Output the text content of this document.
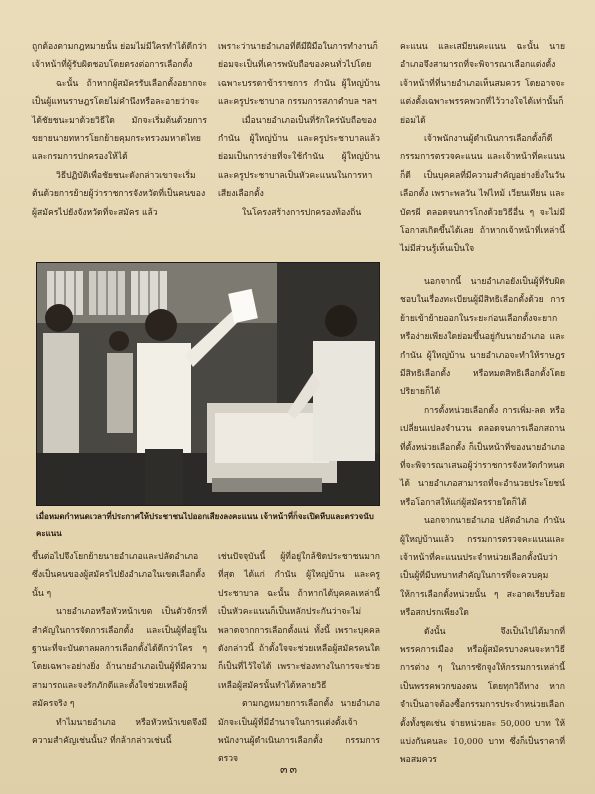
ถูกต้องตามกฎหมายนั้น ย่อมไม่มีใครทำได้ดีกว่าเจ้าหน้าที่ผู้รับผิดชอบโดยตรงต่อการเลือกตั้ง

ฉะนั้น ถ้าหากผู้สมัครรับเลือกตั้งอยากจะเป็นผู้แทนราษฎรโดยไม่คำนึงหรือละอายว่าจะได้ชัยชนะมาด้วยวิธีใด มักจะเริ่มต้นด้วยการขยายนายทหารโยกย้ายคุมกระทรวงมหาดไทยและกรมการปกครองให้ได้

วิธีปฏิบัติเพื่อชัยชนะดังกล่าวเขาจะเริ่มต้นด้วยการย้ายผู้ว่าราชการจังหวัดที่เป็นคนของผู้สมัครไปยังจังหวัดที่จะสมัคร แล้ว

เพราะว่านายอำเภอที่ดีมีฝีมือในการทำงานก็ย่อมจะเป็นที่เคารพนับถือของคนทั่วไปโดยเฉพาะบรรดาข้าราชการ กำนัน ผู้ใหญ่บ้าน และครูประชาบาล กรรมการสภาตำบล ฯลฯ

เมื่อนายอำเภอเป็นที่รักใคร่นับถือของกำนัน ผู้ใหญ่บ้าน และครูประชาบาลแล้ว ย่อมเป็นการง่ายที่จะใช้กำนัน ผู้ใหญ่บ้าน และครูประชาบาลเป็นหัวคะแนนในการหาเสียงเลือกตั้ง

ในโครงสร้างการปกครองท้องถิ่น

คะแนน และเสมียนคะแนน ฉะนั้น นายอำเภอจึงสามารถที่จะพิจารณาเลือกแต่งตั้งเจ้าหน้าที่ที่นายอำเภอเห็นสมควร โดยอาจจะแต่งตั้งเฉพาะพรรคพวกที่ไว้วางใจได้เท่านั้นก็ย่อมได้

เจ้าพนักงานผู้ดำเนินการเลือกตั้งก็ดี กรรมการตรวจคะแนน และเจ้าหน้าที่คะแนนก็ดี เป็นบุคคลที่มีความสำคัญอย่างยิ่งในวันเลือกตั้ง เพราะพลวัน ไฟไหม้ เวียนเทียน และบัตรผี ตลอดจนการโกงด้วยวิธีอื่น ๆ จะไม่มีโอกาสเกิดขึ้นได้เลย ถ้าหากเจ้าหน้าที่เหล่านี้ไม่มีส่วนรู้เห็นเป็นใจ

นอกจากนี้ นายอำเภอยังเป็นผู้ที่รับผิดชอบในเรื่องทะเบียนผู้มีสิทธิเลือกตั้งด้วย การย้ายเข้าย้ายออกในระยะก่อนเลือกตั้งจะยากหรือง่ายเพียงใดย่อมขึ้นอยู่กับนายอำเภอ และกำนัน ผู้ใหญ่บ้าน นายอำเภอจะทำให้ราษฎรมีสิทธิเลือกตั้ง หรือหมดสิทธิเลือกตั้งโดยปริยายก็ได้

การตั้งหน่วยเลือกตั้ง การเพิ่ม-ลด หรือเปลี่ยนแปลงจำนวน ตลอดจนการเลือกสถานที่ตั้งหน่วยเลือกตั้ง ก็เป็นหน้าที่ของนายอำเภอที่จะพิจารณาเสนอผู้ว่าราชการจังหวัดกำหนดได้ นายอำเภอสามารถที่จะอำนวยประโยชน์หรือโอกาสให้แก่ผู้สมัครรายใดก็ได้

นอกจากนายอำเภอ ปลัดอำเภอ กำนัน ผู้ใหญ่บ้านแล้ว กรรมการตรวจคะแนนและเจ้าหน้าที่คะแนนประจำหน่วยเลือกตั้งนับว่าเป็นผู้ที่มีบทบาทสำคัญในการที่จะควบคุมให้การเลือกตั้งหน่วยนั้น ๆ สะอาดเรียบร้อยหรือสกปรกเพียงใด

ดังนั้น จึงเป็นไปได้มากที่พรรคการเมือง หรือผู้สมัครบางคนจะหาวิธีการต่าง ๆ ในการซักจูงให้กรรมการเหล่านี้เป็นพรรคพวกของตน โดยทุกวิถีทาง หากจำเป็นอาจต้องซื้อกรรมการประจำหน่วยเลือกตั้งทั้งชุดเช่น จ่ายหน่วยละ 50,000 บาท ให้แบ่งกันคนละ 10,000 บาท ซึ่งก็เป็นราคาที่พอสมควร

เมื่อหมดกำหนดเวลาที่ประกาศให้ประชาชนไปออกเสียงลงคะแนน เจ้าหน้าที่ก็จะเปิดหีบและตรวจนับคะแนน

ขึ้นต่อไปจึงโยกย้ายนายอำเภอและปลัดอำเภอซึ่งเป็นคนของผู้สมัครไปยังอำเภอในเขตเลือกตั้งนั้น ๆ

นายอำเภอหรือหัวหน้าเขต เป็นตัวจักรที่สำคัญในการจัดการเลือกตั้ง และเป็นผู้ที่อยู่ในฐานะที่จะบันดาลผลการเลือกตั้งได้ดีกว่าใคร ๆ โดยเฉพาะอย่างยิ่ง ถ้านายอำเภอเป็นผู้ที่มีความสามารถและจงรักภักดีและตั้งใจช่วยเหลือผู้สมัครจริง ๆ

ทำไมนายอำเภอ หรือหัวหน้าเขตจึงมีความสำคัญเช่นนั้น? ที่กล้ากล่าวเช่นนี้

เช่นปัจจุบันนี้ ผู้ที่อยู่ใกล้ชิดประชาชนมากที่สุด ได้แก่ กำนัน ผู้ใหญ่บ้าน และครูประชาบาล ฉะนั้น ถ้าหากได้บุคคลเหล่านี้เป็นหัวคะแนนก็เป็นหลักประกันว่าจะไม่พลาดจากการเลือกตั้งแน่ ทั้งนี้ เพราะบุคคลดังกล่าวนี้ ถ้าตั้งใจจะช่วยเหลือผู้สมัครคนใดก็เป็นที่ไว้ใจได้ เพราะช่องทางในการจะช่วยเหลือผู้สมัครนั้นทำได้หลายวิธี

ตามกฎหมายการเลือกตั้ง นายอำเภอมักจะเป็นผู้ที่มีอำนาจในการแต่งตั้งเจ้าพนักงานผู้ดำเนินการเลือกตั้ง กรรมการตรวจ

๓๓
